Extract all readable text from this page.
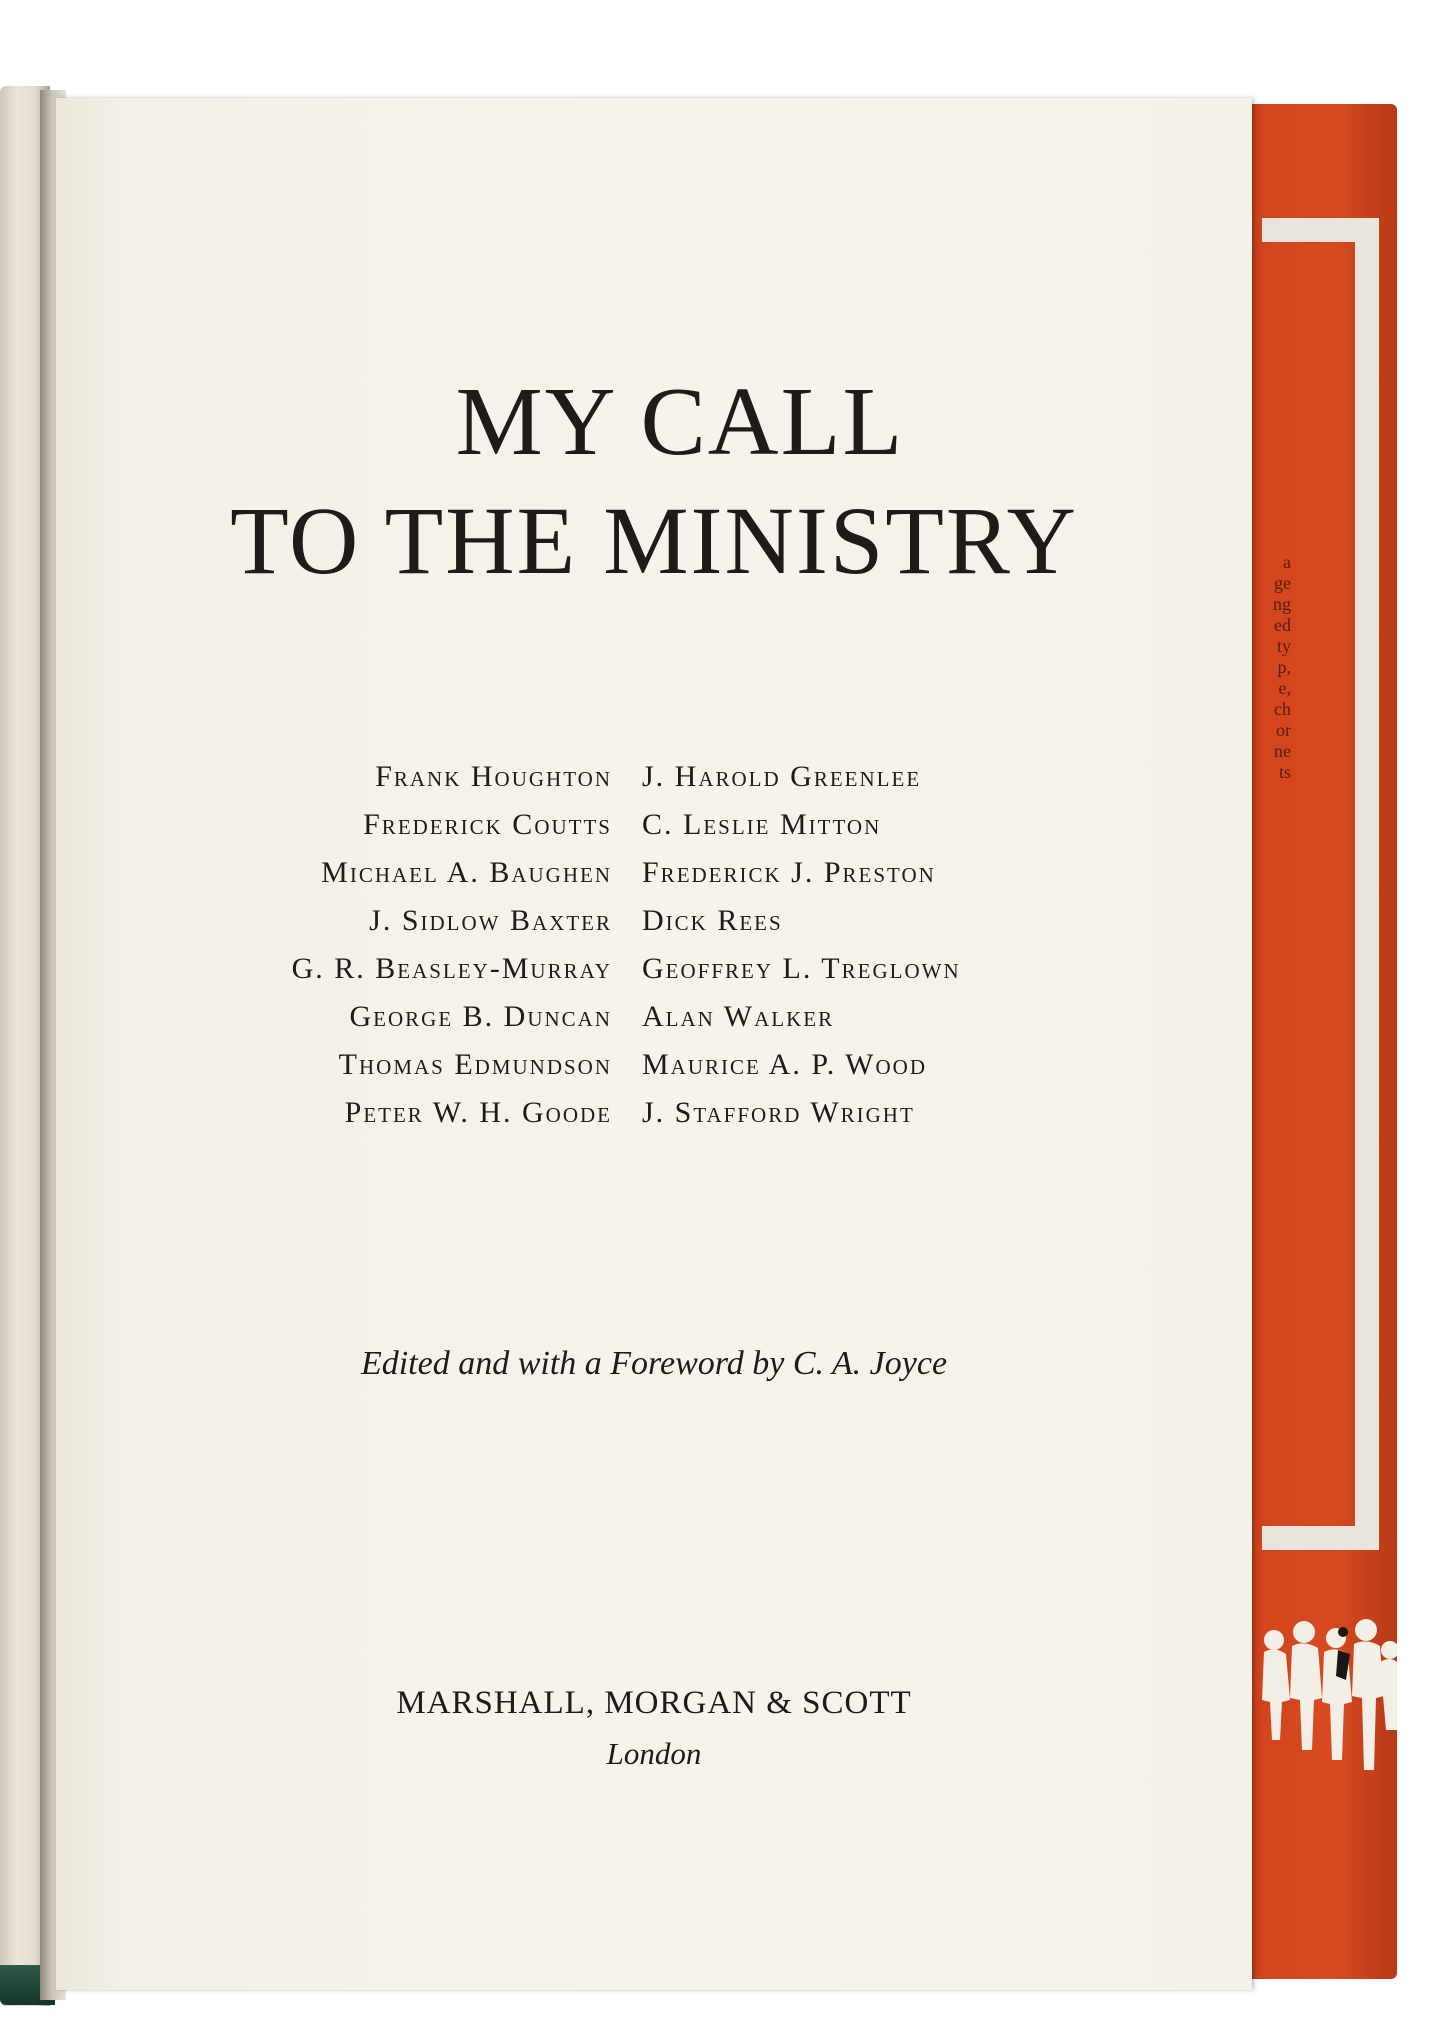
a
ge
ng
ed
ty
p,
e,
ch
or
ne
ts
MY CALL
TO THE MINISTRY
Frank Houghton
Frederick Coutts
Michael A. Baughen
J. Sidlow Baxter
G. R. Beasley-Murray
George B. Duncan
Thomas Edmundson
Peter W. H. Goode
J. Harold Greenlee
C. Leslie Mitton
Frederick J. Preston
Dick Rees
Geoffrey L. Treglown
Alan Walker
Maurice A. P. Wood
J. Stafford Wright
Edited and with a Foreword by C. A. Joyce
MARSHALL, MORGAN & SCOTT
London
